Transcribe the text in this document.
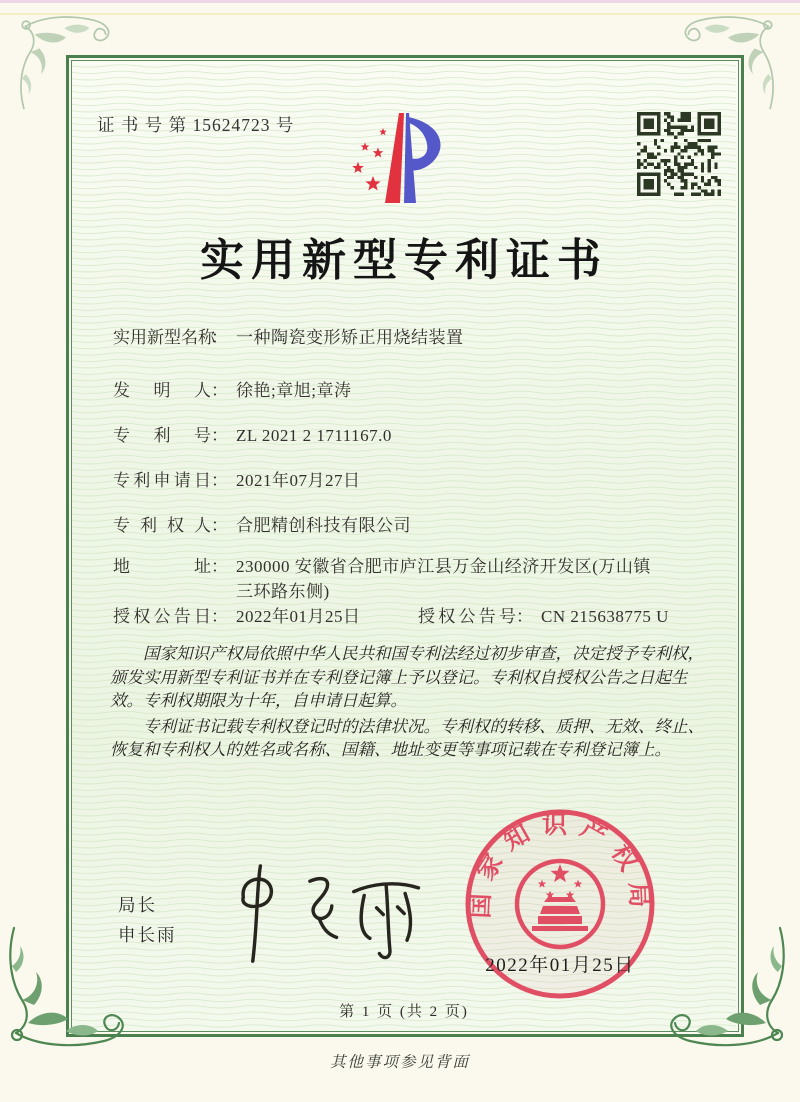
证 书 号 第 15624723 号
实用新型专利证书
实用新型名称
： 一种陶瓷变形矫正用烧结装置
发明人 ： 徐艳;章旭;章涛
专利号 ： ZL 2021 2 1711167.0
专利申请日 ： 2021年07月27日
专利权人 ： 合肥精创科技有限公司
地址 ： 230000 安徽省合肥市庐江县万金山经济开发区(万山镇三环路东侧)
授权公告日 ： 2022年01月25日	授权公告号 ： CN 215638775 U

国家知识产权局依照中华人民共和国专利法经过初步审查，决定授予专利权，颁发实用新型专利证书并在专利登记簿上予以登记。专利权自授权公告之日起生效。专利权期限为十年，自申请日起算。

专利证书记载专利权登记时的法律状况。专利权的转移、质押、无效、终止、恢复和专利权人的姓名或名称、国籍、地址变更等事项记载在专利登记簿上。

局长
申长雨
国家知识产权局
2022年01月25日
第 1 页 (共 2 页)
其他事项参见背面
